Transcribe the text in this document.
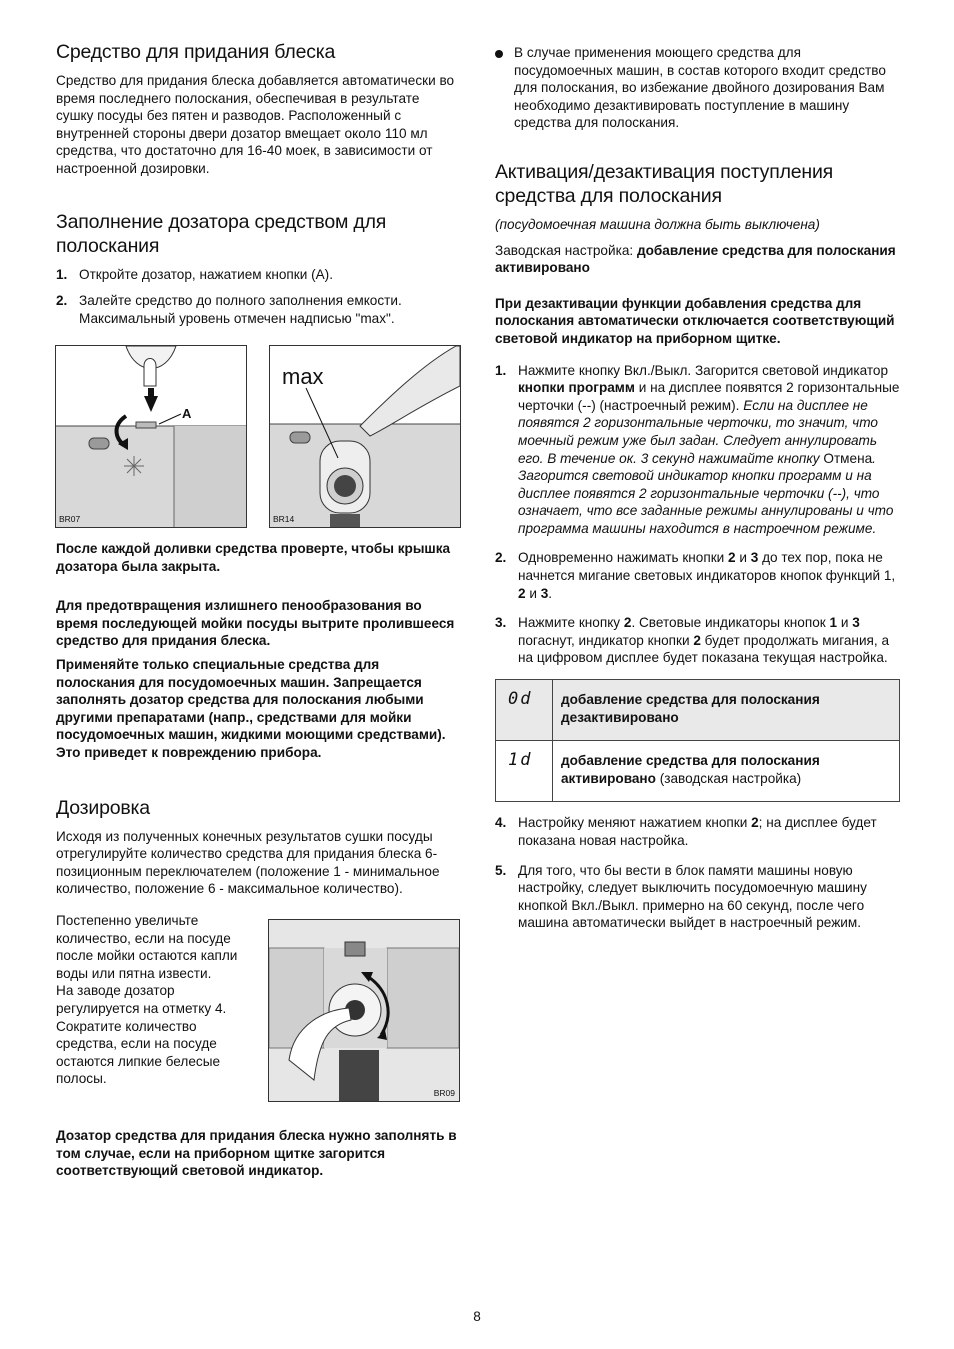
Средство для придания блеска

Средство для придания блеска добавляется автоматически во время последнего полоскания, обеспечивая в результате сушку посуды без пятен и разводов. Расположенный с внутренней стороны двери дозатор вмещает около 110 мл средства, что достаточно для 16-40 моек, в зависимости от настроенной дозировки.

Заполнение дозатора средством для полоскания
1. Откройте дозатор, нажатием кнопки (A).
2. Залейте средство до полного заполнения емкости. Максимальный уровень отмечен надписью "max".
A
BR07
max
BR14

После каждой доливки средства проверте, чтобы крышка дозатора была закрыта.

Для предотвращения излишнего пенообразования во время последующей мойки посуды вытрите пролившееся средство для придания блеска.

Применяйте только специальные средства для полоскания для посудомоечных машин. Запрещается заполнять дозатор средства для полоскания любыми другими препаратами (напр., средствами для мойки посудомоечных машин, жидкими моющими средствами). Это приведет к повреждению прибора.

Дозировка

Исходя из полученных конечных результатов сушки посуды отрегулируйте количество средства для придания блеска 6-позиционным переключателем (положение 1 - минимальное количество, положение 6 - максимальное количество).

Постепенно увеличьте количество, если на посуде после мойки остаются капли воды или пятна извести.

На заводе дозатор регулируется на отметку 4.

Сократите количество средства, если на посуде остаются липкие белесые полосы.

BR09

Дозатор средства для придания блеска нужно заполнять в том случае, если на приборном щитке загорится соответствующий световой индикатор.

В случае применения моющего средства для посудомоечных машин, в состав которого входит средство для полоскания, во избежание двойного дозирования Вам необходимо дезактивировать поступление в машину средства для полоскания.

Активация/дезактивация поступления средства для полоскания

(посудомоечная машина должна быть выключена)

Заводская настройка: добавление средства для полоскания активировано

При дезактивации функции добавления средства для полоскания автоматически отключается соответствующий световой индикатор на приборном щитке.

1. Нажмите кнопку Вкл./Выкл. Загорится световой индикатор кнопки программ и на дисплее появятся 2 горизонтальные черточки (--) (настроечный режим). Если на дисплее не появятся 2 горизонтальные черточки, то значит, что моечный режим уже был задан. Следует аннулировать его. В течение ок. 3 секунд нажимайте кнопку Отмена. Загорится световой индикатор кнопки программ и на дисплее появятся 2 горизонтальные черточки (--), что означает, что все заданные режимы аннулированы и что программа машины находится в настроечном режиме.
2. Одновременно нажимать кнопки 2 и 3 до тех пор, пока не начнется мигание световых индикаторов кнопок функций 1, 2 и 3.
3. Нажмите кнопку 2. Световые индикаторы кнопок 1 и 3 погаснут, индикатор кнопки 2 будет продолжать мигания, а на цифровом дисплее будет показана текущая настройка.
0d	добавление средства для полоскания дезактивировано
1d	добавление средства для полоскания активировано (заводская настройка)
4. Настройку меняют нажатием кнопки 2; на дисплее будет показана новая настройка.
5. Для того, что бы вести в блок памяти машины новую настройку, следует выключить посудомоечную машину кнопкой Вкл./Выкл. примерно на 60 секунд, после чего машина автоматически выйдет в настроечный режим.
8
